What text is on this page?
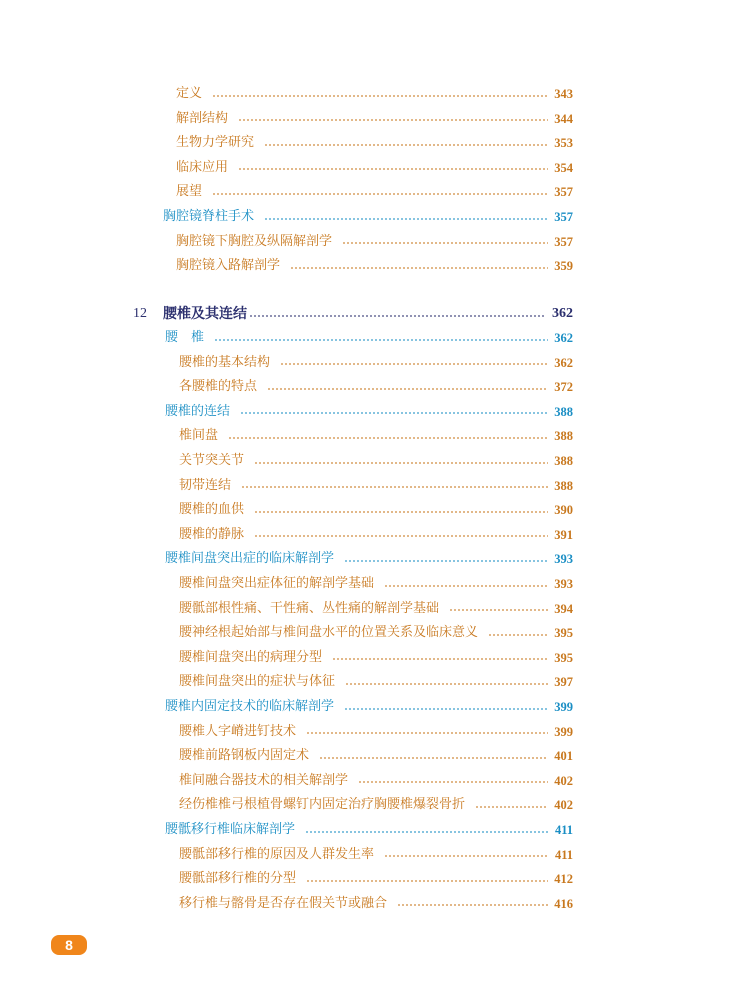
定义	343
解剖结构	344
生物力学研究	353
临床应用	354
展望	357
胸腔镜脊柱手术	357
胸腔镜下胸腔及纵隔解剖学	357
胸腔镜入路解剖学	359
12 腰椎及其连结	362
腰　椎	362
腰椎的基本结构	362
各腰椎的特点	372
腰椎的连结	388
椎间盘	388
关节突关节	388
韧带连结	388
腰椎的血供	390
腰椎的静脉	391
腰椎间盘突出症的临床解剖学	393
腰椎间盘突出症体征的解剖学基础	393
腰骶部根性痛、干性痛、丛性痛的解剖学基础	394
腰神经根起始部与椎间盘水平的位置关系及临床意义	395
腰椎间盘突出的病理分型	395
腰椎间盘突出的症状与体征	397
腰椎内固定技术的临床解剖学	399
腰椎人字嵴进钉技术	399
腰椎前路钢板内固定术	401
椎间融合器技术的相关解剖学	402
经伤椎椎弓根植骨螺钉内固定治疗胸腰椎爆裂骨折	402
腰骶移行椎临床解剖学	411
腰骶部移行椎的原因及人群发生率	411
腰骶部移行椎的分型	412
移行椎与髂骨是否存在假关节或融合	416
8
